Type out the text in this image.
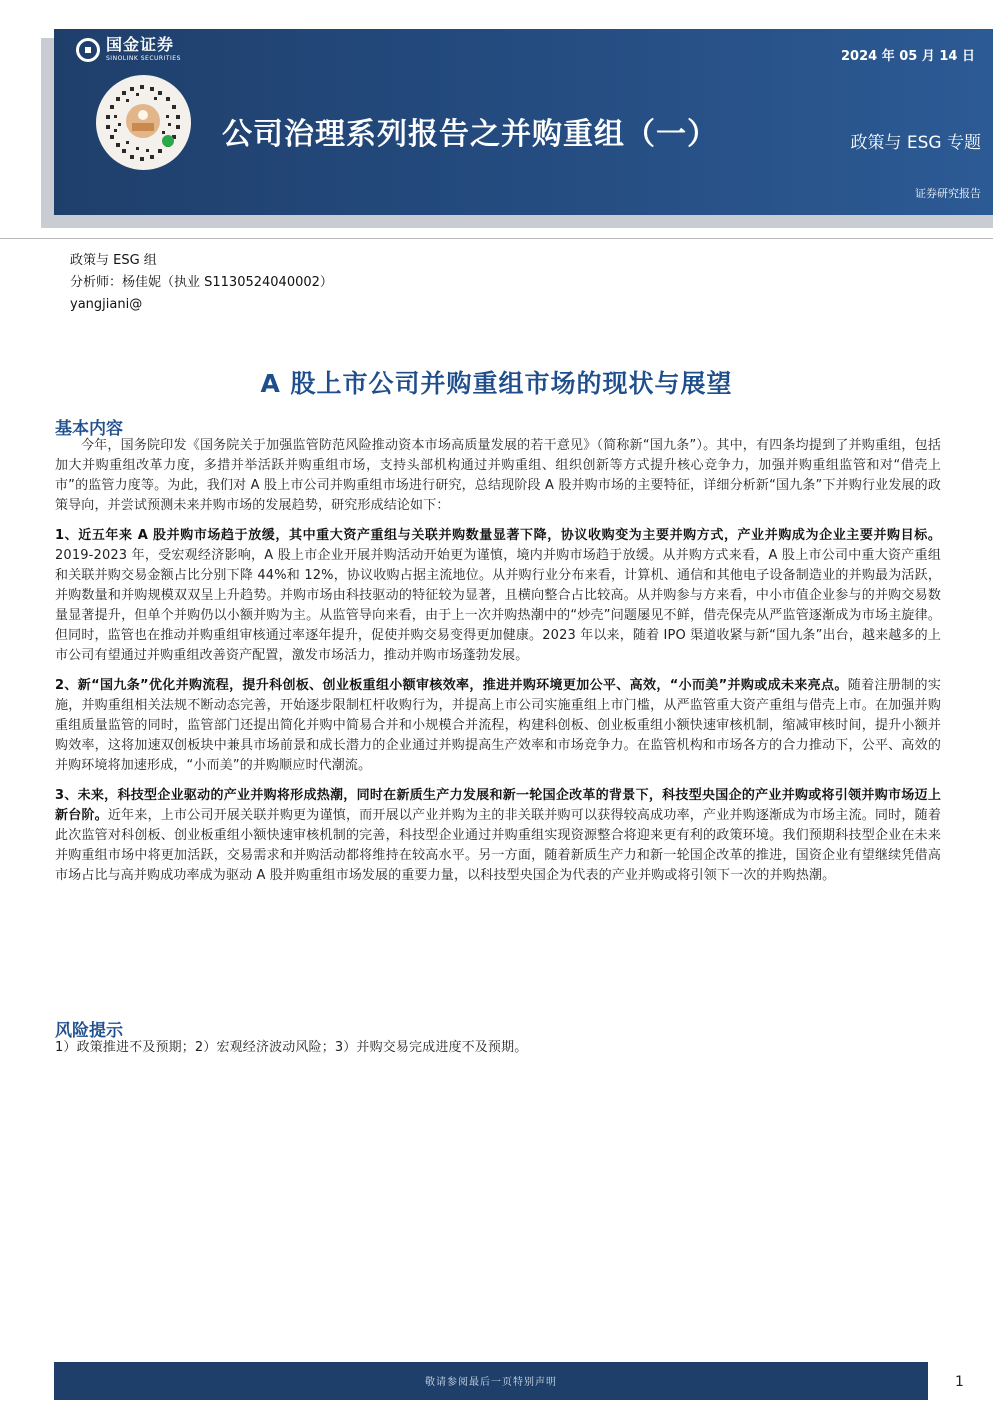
国金证券
SINOLINK SECURITIES
公司治理系列报告之并购重组（一）
2024 年 05 月 14 日
政策与 ESG 专题
证券研究报告
政策与 ESG 组
分析师：杨佳妮（执业 S1130524040002）
yangjiani@
A 股上市公司并购重组市场的现状与展望
基本内容

今年，国务院印发《国务院关于加强监管防范风险推动资本市场高质量发展的若干意见》（简称新“国九条”）。其中，有四条均提到了并购重组，包括加大并购重组改革力度，多措并举活跃并购重组市场，支持头部机构通过并购重组、组织创新等方式提升核心竞争力，加强并购重组监管和对“借壳上市”的监管力度等。为此，我们对 A 股上市公司并购重组市场进行研究，总结现阶段 A 股并购市场的主要特征，详细分析新“国九条”下并购行业发展的政策导向，并尝试预测未来并购市场的发展趋势，研究形成结论如下：

1、近五年来 A 股并购市场趋于放缓，其中重大资产重组与关联并购数量显著下降，协议收购变为主要并购方式，产业并购成为企业主要并购目标。2019-2023 年，受宏观经济影响，A 股上市企业开展并购活动开始更为谨慎，境内并购市场趋于放缓。从并购方式来看，A 股上市公司中重大资产重组和关联并购交易金额占比分别下降 44%和 12%，协议收购占据主流地位。从并购行业分布来看，计算机、通信和其他电子设备制造业的并购最为活跃，并购数量和并购规模双双呈上升趋势。并购市场由科技驱动的特征较为显著，且横向整合占比较高。从并购参与方来看，中小市值企业参与的并购交易数量显著提升，但单个并购仍以小额并购为主。从监管导向来看，由于上一次并购热潮中的“炒壳”问题屡见不鲜，借壳保壳从严监管逐渐成为市场主旋律。但同时，监管也在推动并购重组审核通过率逐年提升，促使并购交易变得更加健康。2023 年以来，随着 IPO 渠道收紧与新“国九条”出台，越来越多的上市公司有望通过并购重组改善资产配置，激发市场活力，推动并购市场蓬勃发展。

2、新“国九条”优化并购流程，提升科创板、创业板重组小额审核效率，推进并购环境更加公平、高效，“小而美”并购或成未来亮点。随着注册制的实施，并购重组相关法规不断动态完善，开始逐步限制杠杆收购行为，并提高上市公司实施重组上市门槛，从严监管重大资产重组与借壳上市。在加强并购重组质量监管的同时，监管部门还提出简化并购中简易合并和小规模合并流程，构建科创板、创业板重组小额快速审核机制，缩减审核时间，提升小额并购效率，这将加速双创板块中兼具市场前景和成长潜力的企业通过并购提高生产效率和市场竞争力。在监管机构和市场各方的合力推动下，公平、高效的并购环境将加速形成，“小而美”的并购顺应时代潮流。

3、未来，科技型企业驱动的产业并购将形成热潮，同时在新质生产力发展和新一轮国企改革的背景下，科技型央国企的产业并购或将引领并购市场迈上新台阶。近年来，上市公司开展关联并购更为谨慎，而开展以产业并购为主的非关联并购可以获得较高成功率，产业并购逐渐成为市场主流。同时，随着此次监管对科创板、创业板重组小额快速审核机制的完善，科技型企业通过并购重组实现资源整合将迎来更有利的政策环境。我们预期科技型企业在未来并购重组市场中将更加活跃，交易需求和并购活动都将维持在较高水平。另一方面，随着新质生产力和新一轮国企改革的推进，国资企业有望继续凭借高市场占比与高并购成功率成为驱动 A 股并购重组市场发展的重要力量，以科技型央国企为代表的产业并购或将引领下一次的并购热潮。

风险提示
1）政策推进不及预期；2）宏观经济波动风险；3）并购交易完成进度不及预期。
敬请参阅最后一页特别声明	1
